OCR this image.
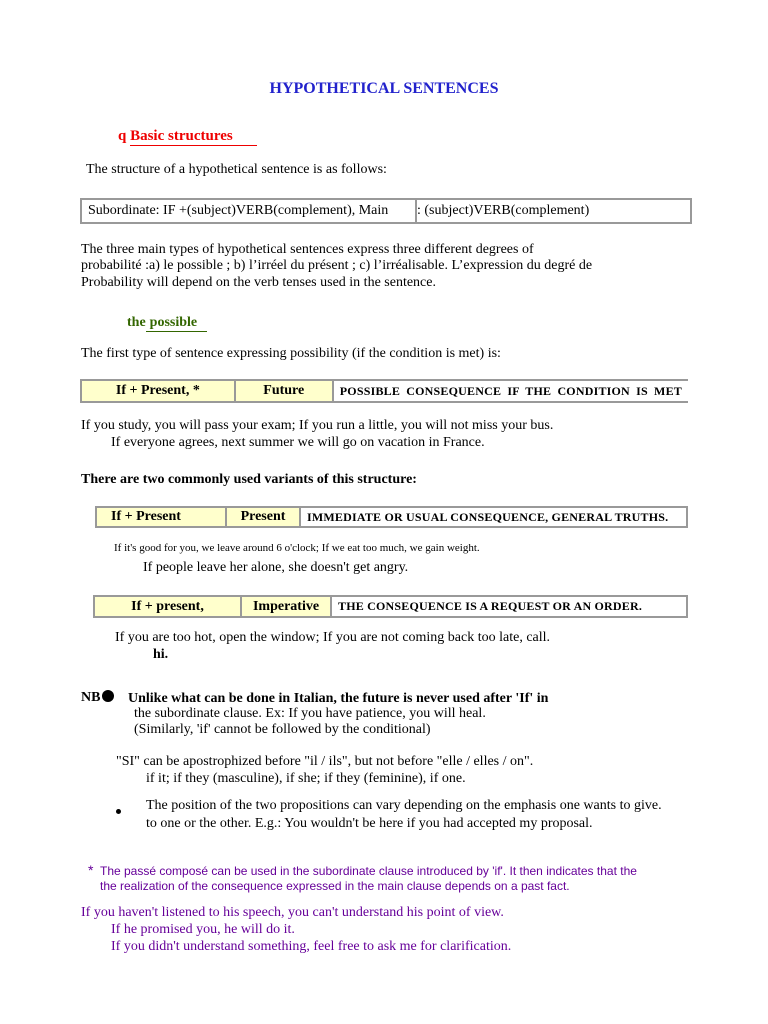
HYPOTHETICAL SENTENCES
q Basic structures
The structure of a hypothetical sentence is as follows:
Subordinate: IF +(subject)VERB(complement), Main	: (subject)VERB(complement)
The three main types of hypothetical sentences express three different degrees of
probabilité :a) le possible ; b) l’irréel du présent ; c) l’irréalisable. L’expression du degré de
Probability will depend on the verb tenses used in the sentence.
the possible
The first type of sentence expressing possibility (if the condition is met) is:
If + Present, *	Future	POSSIBLE CONSEQUENCE IF THE CONDITION IS MET
If you study, you will pass your exam; If you run a little, you will not miss your bus.
If everyone agrees, next summer we will go on vacation in France.
There are two commonly used variants of this structure:
If + Present	Present	IMMEDIATE OR USUAL CONSEQUENCE, GENERAL TRUTHS.
If it's good for you, we leave around 6 o'clock; If we eat too much, we gain weight.
If people leave her alone, she doesn't get angry.
If + present,	Imperative	THE CONSEQUENCE IS A REQUEST OR AN ORDER.
If you are too hot, open the window; If you are not coming back too late, call.
hi.
NB	Unlike what can be done in Italian, the future is never used after 'If' in
the subordinate clause. Ex: If you have patience, you will heal.
(Similarly, 'if' cannot be followed by the conditional)
"SI" can be apostrophized before "il / ils", but not before "elle / elles / on".
if it; if they (masculine), if she; if they (feminine), if one.
The position of the two propositions can vary depending on the emphasis one wants to give.
to one or the other. E.g.: You wouldn't be here if you had accepted my proposal.
* The passé composé can be used in the subordinate clause introduced by 'if'. It then indicates that the
the realization of the consequence expressed in the main clause depends on a past fact.
If you haven't listened to his speech, you can't understand his point of view.
If he promised you, he will do it.
If you didn't understand something, feel free to ask me for clarification.
